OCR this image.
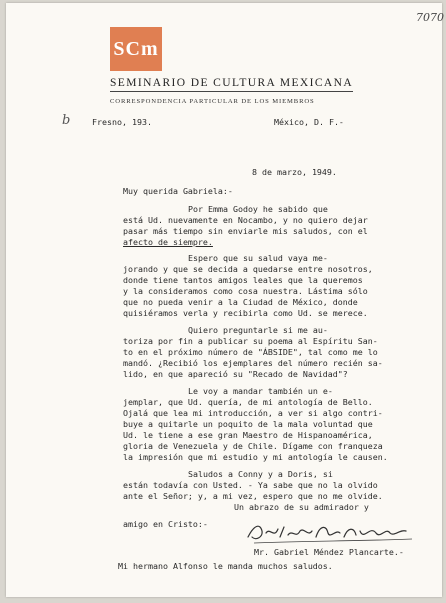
7070
SCm
SEMINARIO DE CULTURA MEXICANA
CORRESPONDENCIA PARTICULAR DE LOS MIEMBROS
b	Fresno, 193.	México, D. F.-
8 de marzo, 1949.
Muy querida Gabriela:-
Por Emma Godoy he sabido que
está Ud. nuevamente en Nocambo, y no quiero dejar
pasar más tiempo sin enviarle mis saludos, con el
afecto de siempre.
Espero que su salud vaya me-
jorando y que se decida a quedarse entre nosotros,
donde tiene tantos amigos leales que la queremos
y la consideramos como cosa nuestra. Lástima sólo
que no pueda venir a la Ciudad de México, donde
quisiéramos verla y recibirla como Ud. se merece.
Quiero preguntarle si me au-
toriza por fin a publicar su poema al Espíritu San-
to en el próximo número de "ÁBSIDE", tal como me lo
mandó. ¿Recibió los ejemplares del número recién sa-
lido, en que apareció su "Recado de Navidad"?
Le voy a mandar también un e-
jemplar, que Ud. quería, de mi antología de Bello.
Ojalá que lea mi introducción, a ver si algo contri-
buye a quitarle un poquito de la mala voluntad que
Ud. le tiene a ese gran Maestro de Hispanoamérica,
gloria de Venezuela y de Chile. Dígame con franqueza
la impresión que mi estudio y mi antología le causen.
Saludos a Conny y a Doris, si
están todavía con Usted. - Ya sabe que no la olvido
ante el Señor; y, a mi vez, espero que no me olvide.
Un abrazo de su admirador y
amigo en Cristo:-
Mr. Gabriel Méndez Plancarte.-
Mi hermano Alfonso le manda muchos saludos.
